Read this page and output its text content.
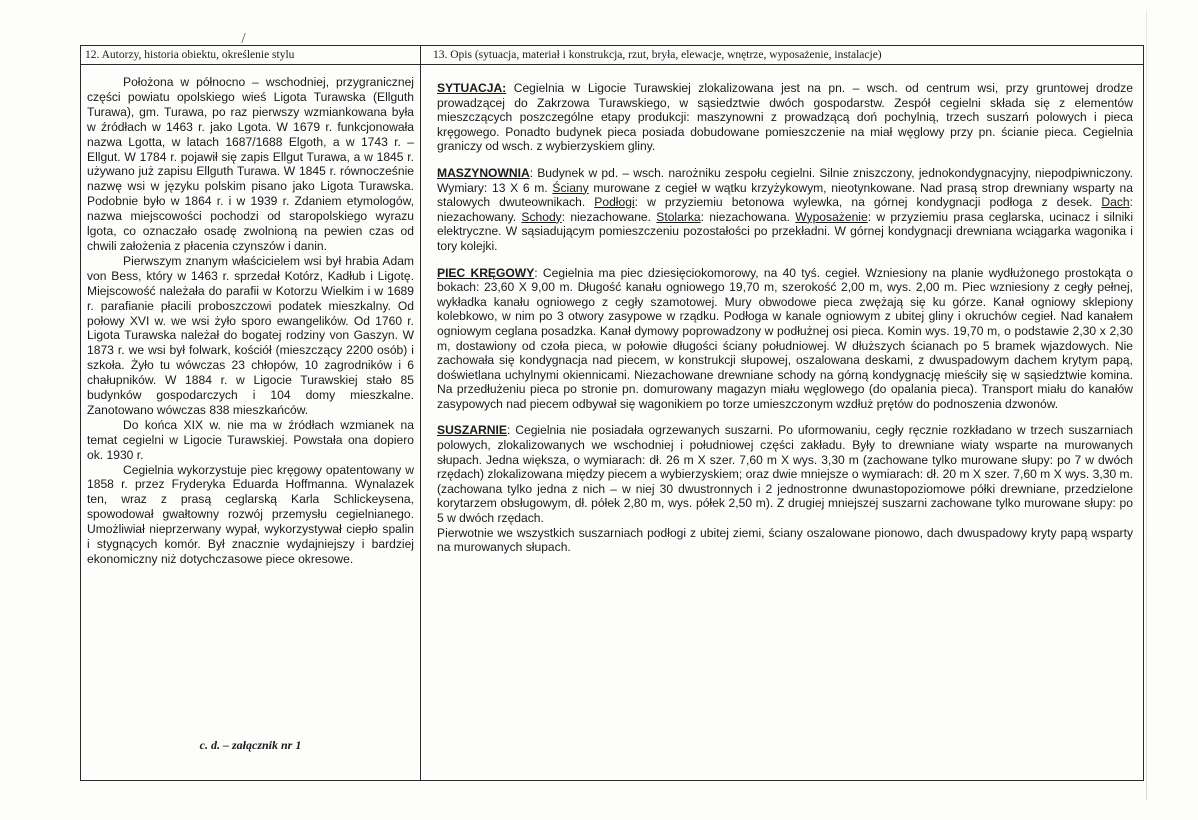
12. Autorzy, historia obiektu, określenie stylu

Położona w północno – wschodniej, przygranicznej części powiatu opolskiego wieś Ligota Turawska (Ellguth Turawa), gm. Turawa, po raz pierwszy wzmiankowana była w źródłach w 1463 r. jako Lgota. W 1679 r. funkcjonowała nazwa Lgotta, w latach 1687/1688 Elgoth, a w 1743 r. – Ellgut. W 1784 r. pojawił się zapis Ellgut Turawa, a w 1845 r. używano już zapisu Ellguth Turawa. W 1845 r. równocześnie nazwę wsi w języku polskim pisano jako Ligota Turawska. Podobnie było w 1864 r. i w 1939 r. Zdaniem etymologów, nazwa miejscowości pochodzi od staropolskiego wyrazu lgota, co oznaczało osadę zwolnioną na pewien czas od chwili założenia z płacenia czynszów i danin.

Pierwszym znanym właścicielem wsi był hrabia Adam von Bess, który w 1463 r. sprzedał Kotórz, Kadłub i Ligotę. Miejscowość należała do parafii w Kotorzu Wielkim i w 1689 r. parafianie płacili proboszczowi podatek mieszkalny. Od połowy XVI w. we wsi żyło sporo ewangelików. Od 1760 r. Ligota Turawska należał do bogatej rodziny von Gaszyn. W 1873 r. we wsi był folwark, kościół (mieszczący 2200 osób) i szkoła. Żyło tu wówczas 23 chłopów, 10 zagrodników i 6 chałupników. W 1884 r. w Ligocie Turawskiej stało 85 budynków gospodarczych i 104 domy mieszkalne. Zanotowano wówczas 838 mieszkańców.

Do końca XIX w. nie ma w źródłach wzmianek na temat cegielni w Ligocie Turawskiej. Powstała ona dopiero ok. 1930 r.

Cegielnia wykorzystuje piec kręgowy opatentowany w 1858 r. przez Fryderyka Eduarda Hoffmanna. Wynalazek ten, wraz z prasą ceglarską Karla Schlickeysena, spowodował gwałtowny rozwój przemysłu cegielnianego. Umożliwiał nieprzerwany wypał, wykorzystywał ciepło spalin i stygnących komór. Był znacznie wydajniejszy i bardziej ekonomiczny niż dotychczasowe piece okresowe.

c. d. – załącznik nr 1
13. Opis (sytuacja, materiał i konstrukcja, rzut, bryła, elewacje, wnętrze, wyposażenie, instalacje)

SYTUACJA: Cegielnia w Ligocie Turawskiej zlokalizowana jest na pn. – wsch. od centrum wsi, przy gruntowej drodze prowadzącej do Zakrzowa Turawskiego, w sąsiedztwie dwóch gospodarstw. Zespół cegielni składa się z elementów mieszczących poszczególne etapy produkcji: maszynowni z prowadzącą doń pochylnią, trzech suszarń polowych i pieca kręgowego. Ponadto budynek pieca posiada dobudowane pomieszczenie na miał węglowy przy pn. ścianie pieca. Cegielnia graniczy od wsch. z wybierzyskiem gliny.

MASZYNOWNIA: Budynek w pd. – wsch. narożniku zespołu cegielni. Silnie zniszczony, jednokondygnacyjny, niepodpiwniczony. Wymiary: 13 X 6 m. Ściany murowane z cegieł w wątku krzyżykowym, nieotynkowane. Nad prasą strop drewniany wsparty na stalowych dwuteownikach. Podłogi: w przyziemiu betonowa wylewka, na górnej kondygnacji podłoga z desek. Dach: niezachowany. Schody: niezachowane. Stolarka: niezachowana. Wyposażenie: w przyziemiu prasa ceglarska, ucinacz i silniki elektryczne. W sąsiadującym pomieszczeniu pozostałości po przekładni. W górnej kondygnacji drewniana wciągarka wagonika i tory kolejki.

PIEC KRĘGOWY: Cegielnia ma piec dziesięciokomorowy, na 40 tyś. cegieł. Wzniesiony na planie wydłużonego prostokąta o bokach: 23,60 X 9,00 m. Długość kanału ogniowego 19,70 m, szerokość 2,00 m, wys. 2,00 m. Piec wzniesiony z cegły pełnej, wykładka kanału ogniowego z cegły szamotowej. Mury obwodowe pieca zwężają się ku górze. Kanał ogniowy sklepiony kolebkowo, w nim po 3 otwory zasypowe w rządku. Podłoga w kanale ogniowym z ubitej gliny i okruchów cegieł. Nad kanałem ogniowym ceglana posadzka. Kanał dymowy poprowadzony w podłużnej osi pieca. Komin wys. 19,70 m, o podstawie 2,30 x 2,30 m, dostawiony od czoła pieca, w połowie długości ściany południowej. W dłuższych ścianach po 5 bramek wjazdowych. Nie zachowała się kondygnacja nad piecem, w konstrukcji słupowej, oszalowana deskami, z dwuspadowym dachem krytym papą, doświetlana uchylnymi okiennicami. Niezachowane drewniane schody na górną kondygnację mieściły się w sąsiedztwie komina. Na przedłużeniu pieca po stronie pn. domurowany magazyn miału węglowego (do opalania pieca). Transport miału do kanałów zasypowych nad piecem odbywał się wagonikiem po torze umieszczonym wzdłuż prętów do podnoszenia dzwonów.

SUSZARNIE: Cegielnia nie posiadała ogrzewanych suszarni. Po uformowaniu, cegły ręcznie rozkładano w trzech suszarniach polowych, zlokalizowanych we wschodniej i południowej części zakładu. Były to drewniane wiaty wsparte na murowanych słupach. Jedna większa, o wymiarach: dł. 26 m X szer. 7,60 m X wys. 3,30 m (zachowane tylko murowane słupy: po 7 w dwóch rzędach) zlokalizowana między piecem a wybierzyskiem; oraz dwie mniejsze o wymiarach: dł. 20 m X szer. 7,60 m X wys. 3,30 m. (zachowana tylko jedna z nich – w niej 30 dwustronnych i 2 jednostronne dwunastopoziomowe półki drewniane, przedzielone korytarzem obsługowym, dł. półek 2,80 m, wys. półek 2,50 m). Z drugiej mniejszej suszarni zachowane tylko murowane słupy: po 5 w dwóch rzędach.

Pierwotnie we wszystkich suszarniach podłogi z ubitej ziemi, ściany oszalowane pionowo, dach dwuspadowy kryty papą wsparty na murowanych słupach.
